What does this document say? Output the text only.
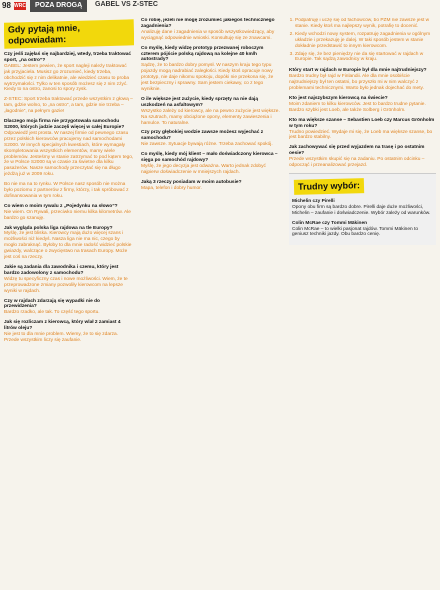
98 WRC	POZA DROGĄ	GABEL VS Z-STEC
Gdy pytają mnie, odpowiadam:

Czy jeśli zajęłaś się najbardziej, wtedy, trzeba traktować sport, „na ostro”?

GABEL: Jestem pewien, że sport nagleji należy traktować jak przyjaciela. Musisz go zrozumieć, kiedy trzeba, obchodzić się z nim delikatnie, ale wiedzieć czasu to proba wytrzymałości. Tylko w ten sposób możesz się z nim zżyć. Kiedy to na ostro, zanosi to spory zysk.

Z-STEC: Sport trzeba traktować przede wszystkim z głową – tam, gdzie wolno, to „na ostro”, a tam, gdzie nie trzeba – „łagodnie”, na pełnym gazie!

Dlaczego moja firma nie przygotowała samochodu S2000, których jadzie zaczęli więcej w całej Europie?

Odpowiedź jest prosta. W naszej firmie od pewnego czasu przez polskich kierowców pracujemy nad samochodami S2000. W innych specjalnych kwestiach, które wymagały skompletowania wszystkich elementów, mamy wiele problemów. Jesteśmy w stanie zatrzymać to pod kątem tego, że w Polsce S2000 są w czasie za świetne dla kilku pasażerów. Nasze samochody przeczytać się na długo jeżdżą już w 2009 roku.

Bo nie ma na to rynku. W Polsce nasz sposób nie można było poziomu z partnerów z firmy, którzy, i tak spróbować z dofinansowania w tym roku.

Co wiem o moim rywalu z „Pojedynku na słowo”?

Nie wiem. On Rywali, przeciwko niemu kilka kilometrów. Ale bardzo go szanuję.

Jak wygląda polska liga rajdowa na tle Europy?

Myślę, że jest bliska. Kierowcy mają dużo więcej szans i możliwości niż kiedyś. Nasza liga nie ma nic, czego by mogło zabraknąć. Byłoby to dla mnie radość widzieć polskie gwiazdy, walczące o zwycięstwo na trasach Europy. Może jest coś na rzeczy.

Jakie są zadania dla zawodnika i czemu, który jest bardzo zadowolony z samochodu?

Widzę tu specyficzny czas i nowe możliwości. Wiem, że te przeprowadzone zmiany pozwoliły kierowcom na lepsze wyniki w rajdach.

Czy w rajdach zdarzają się wypadki nie do przewidzenia?

Bardzo rzadko, ale tak. To część tego sportu.

Jak się rozliczam z kierowcą, który wlał 2 zamiast 4 litrów oleju?

Nie jest to dla mnie problem. Wiemy, że to się zdarza. Przede wszystkim liczy się zaufanie.

Co robię, jeżeli nie mogę zrozumieć jakiegoś technicznego zagadnienia?

Analizuję dane i zagadnienia w sposób wszystkowiedzący, aby wyciągnąć odpowiednie wnioski. Konsultuję się ze znawcami.

Co myślę, kiedy widzę prototyp przezwanej roboczym czterem pójście polską rajdową na kolejne 40 km/h autostrady?

Sądzę, że to bardzo dobry pomysł. W naszym kraju tego typu pojazdy mogą nadrabiać zaległości. Kiedy ktoś opracuje nowy prototyp, nie daje nikomu spokoju, dopóki nie przekona się, że jest bezpieczny i sprawny. Sam jestem ciekawy, co z tego wyniknie.

O ile większe jest zużycie, kiedy sprzęty na nie dają uszkodzeń na asfaltowym?

Wszystko zależy od kierowcy, ale na pewno zużycie jest większe. Na szutrach, mamy obciążone opony, elementy zawieszenia i hamulce. To naturalne.

Czy przy głębokiej wodzie zawsze możesz wyjechać z samochodu?

Nie zawsze. Sytuacje bywają różne. Trzeba zachować spokój.

Co myślę, kiedy mój klient – mało doświadczony kierowca – sięga po samochód rajdowy?

Myślę, że jego decyzja jest odważna. Warto jednak zdobyć najpierw doświadczenie w mniejszych rajdach.

Jaką 3 rzeczy posiadam w moim autobusie?

Mapa, telefon i dobry humor.

1. Podpatruję i uczę się od fachowców, bo PZM nie zawsze jest w stanie. Kiedy ktoś ma najlepszy wynik, potrafię to docenić.
2. Kiedy wchodzi nowy system, rozpatruję zagadnienia w ogólnym układzie i przekazuję je dalej. W taki sposób jestem w stanie dokładnie przedstawić to innym kierowcom.
3. Zdaję się, że bez pieniędzy nie da się startować w rajdach w Europie. Tak sądzą zawodnicy w kraju.

Który start w rajdach w Europie był dla mnie najtrudniejszy?

Bardzo trudny był rajd w Finlandii. Ale dla mnie osobiście najtrudniejszy był ten ostatni, bo przyszło mi w nim walczyć z problemami technicznymi. Warto było jednak dojechać do mety.

Kto jest najszybszym kierowcą na świecie?

Moim zdaniem to kilku kierowców. Jest to bardzo trudne pytanie. Bardzo szybki jest Loeb, ale także Solberg i Grönholm.

Kto ma większe szanse – Sebastien Loeb czy Marcus Grönholm w tym roku?

Trudno powiedzieć. Wydaje mi się, że Loeb ma większe szanse, bo jest bardzo stabilny.

Jak zachowywać się przed wyjazdem na trasę i po ostatnim oesie?

Przede wszystkim skupić się na zadaniu. Po ostatnim odcinku – odpocząć i przeanalizować przejazd.

Trudny wybór:

Michelin czy Pirelli

Opony obu firm są bardzo dobre. Pirelli daje duże możliwości, Michelin – zaufanie i doświadczenie. Wybór zależy od warunków.

Colin McRae czy Tommi Mäkinen

Colin McRae – to wielki pasjonat rajdów. Tommi Mäkinen to geniusz techniki jazdy. Obu bardzo cenię.
